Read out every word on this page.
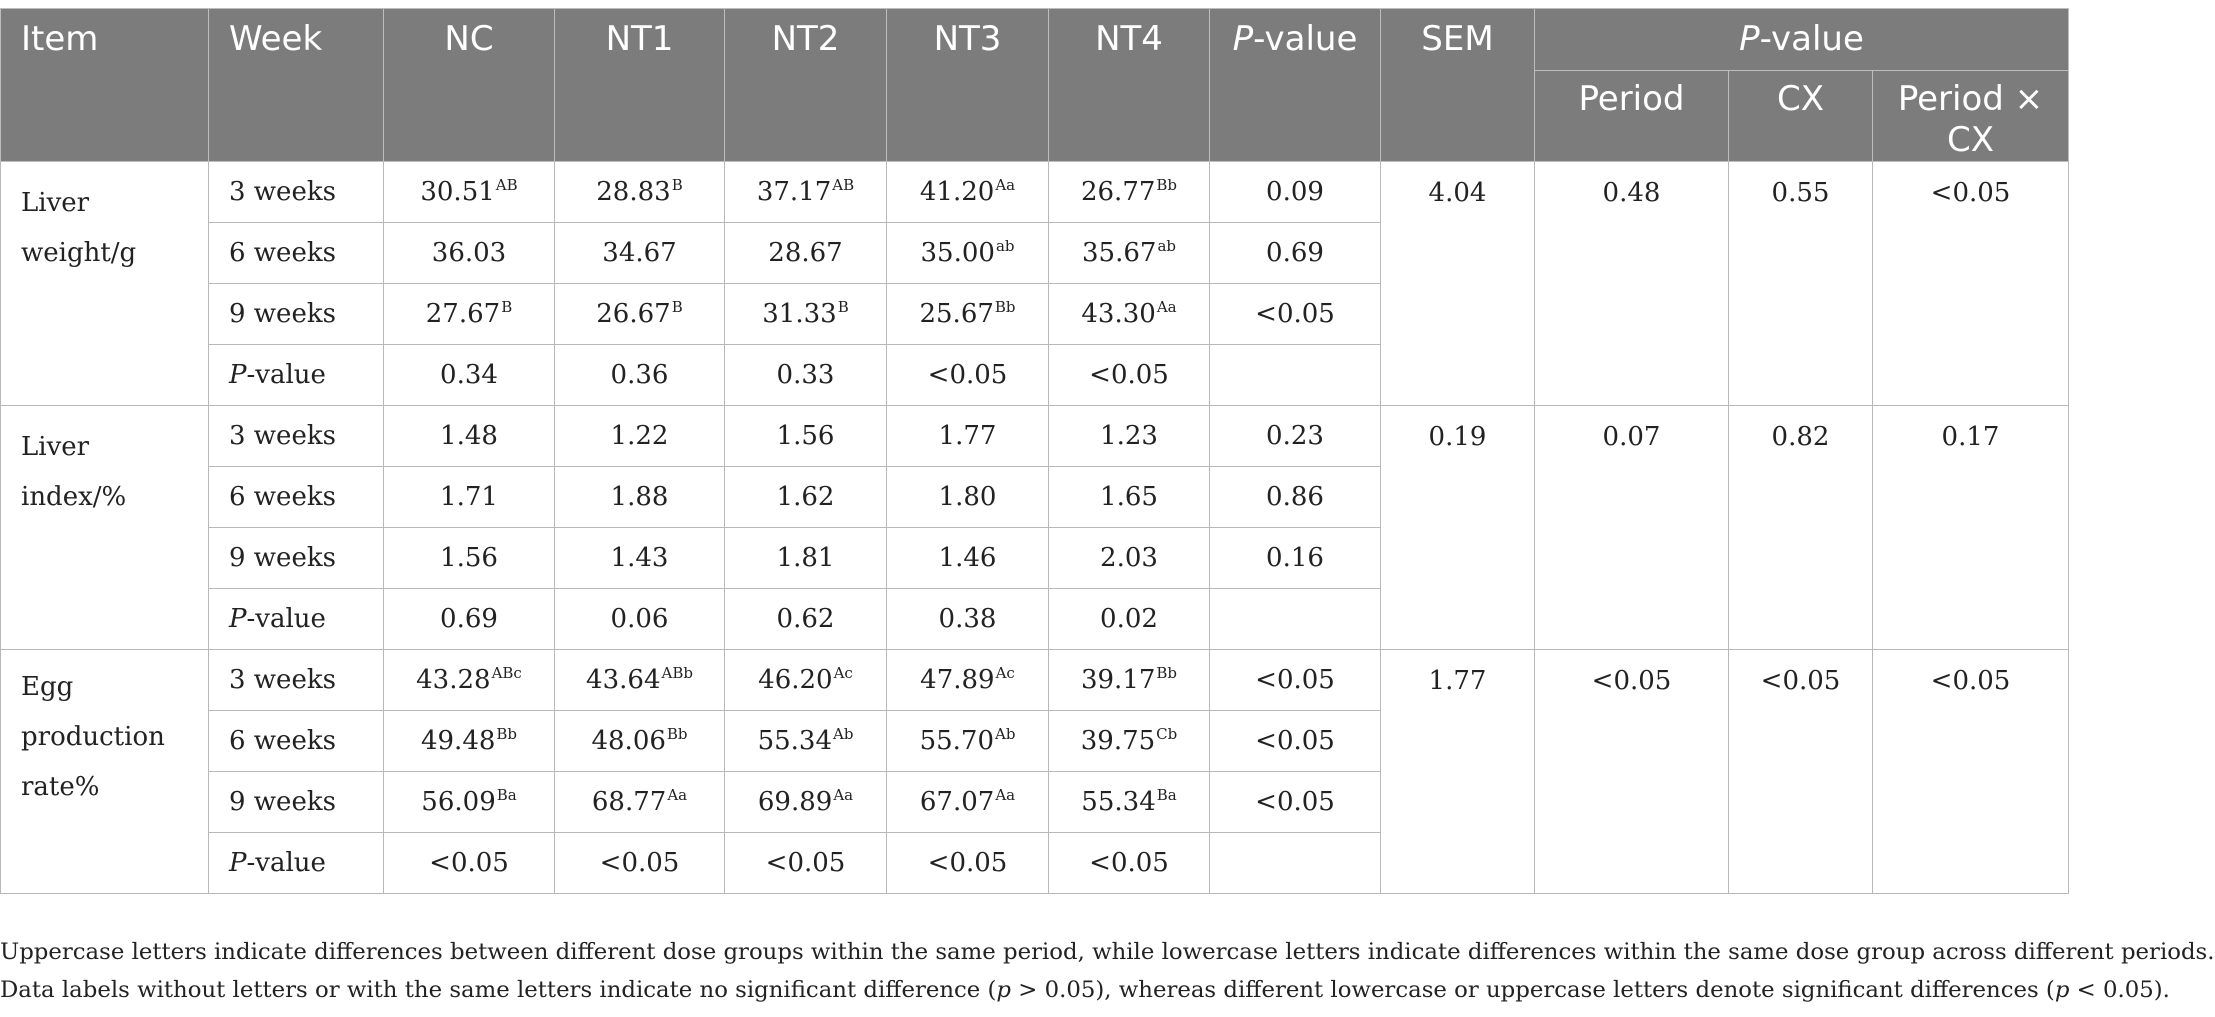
Item	Week	NC	NT1	NT2	NT3	NT4	P-value	SEM	P-value		
									Period	CX	Period × CX
Liver weight/g	3 weeks	$30.51^{AB}$	$28.83^B$	$37.17^{AB}$	$41.20^{Aa}$	$26.77^{Bb}$	0.09	4.04	0.48	0.55	<0.05
	6 weeks	36.03	34.67	28.67	35.00$^{ab}$	35.67$^{ab}$	0.69				
	9 weeks	$27.67^B$	$26.67^B$	$31.33^B$	$25.67^{Bb}$	$43.30^{Aa}$	<0.05				
	P-value	0.34	0.36	0.33	<0.05	<0.05					
Liver index/%	3 weeks	1.48	1.22	1.56	1.77	1.23	0.23	0.19	0.07	0.82	0.17
	6 weeks	1.71	1.88	1.62	1.80	1.65	0.86				
	9 weeks	1.56	1.43	1.81	1.46	2.03	0.16				
	P-value	0.69	0.06	0.62	0.38	0.02					
Egg production rate%	3 weeks	$43.28^{ABc}$	$43.64^{ABb}$	$46.20^{Ac}$	$47.89^{Ac}$	$39.17^{Bb}$	<0.05	1.77	<0.05	<0.05	<0.05
	6 weeks	$49.48^{Bb}$	$48.06^{Bb}$	$55.34^{Ab}$	$55.70^{Ab}$	$39.75^{Cb}$	<0.05				
	9 weeks	$56.09^{Ba}$	$68.77^{Aa}$	$69.89^{Aa}$	$67.07^{Aa}$	$55.34^{Ba}$	<0.05				
	P-value	<0.05	<0.05	<0.05	<0.05	<0.05					

Uppercase letters indicate differences between different dose groups within the same period, while lowercase letters indicate differences within the same dose group across different periods.

Data labels without letters or with the same letters indicate no significant difference (p > 0.05), whereas different lowercase or uppercase letters denote significant differences (p < 0.05).
